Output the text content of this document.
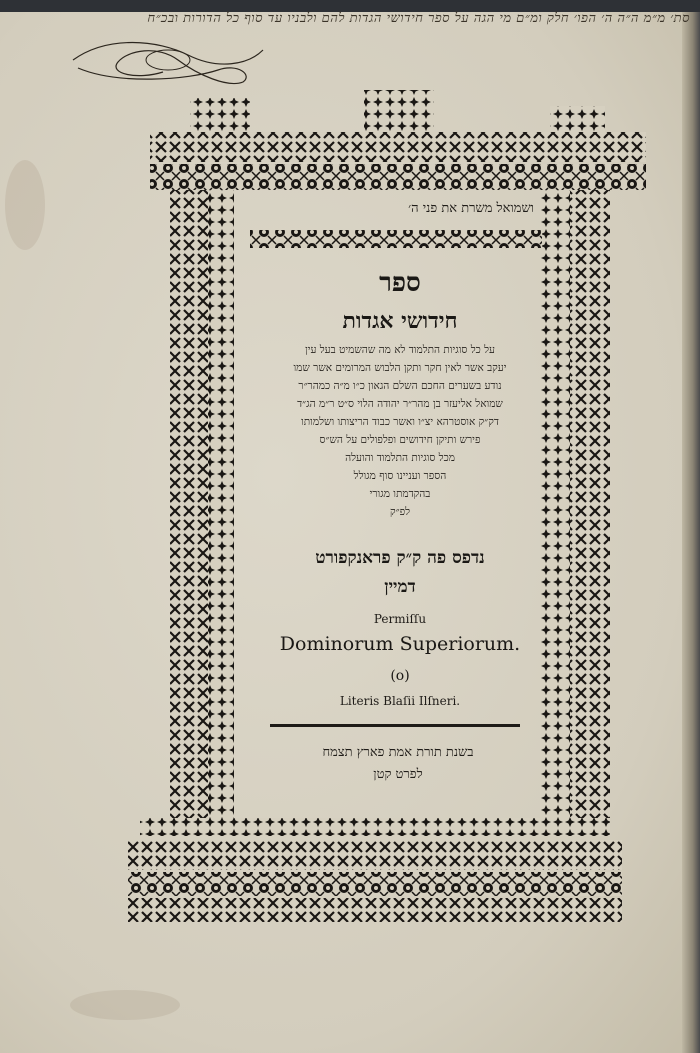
סת׳ מ״מ ה״ה ה׳ הפו׳ חלק ומ״ם מי הגה על ספר חידושי הגדות להם ולבניו עד סוף כל הדורות ובכ״ח
ושמואל משרת את פני ה׳
ספר
חידושי אגדות
על כל סוגיות התלמוד לא מה שהשמיט בעל עין
יעקב אשר לאין חקר ותקן הלבוש המרומים אשר שמו
נודע בשערים החכם השלם הגאון כ״ו מ״ה כמהר״ר
שמואל אליעזר בן מהר״ר יהודה הלוי ס״ט ר״מ הג״ד
דק״ק אוסטרהא יצ״ו ואשר כבוד הריצותו ושלמותו
פירש ותיקן חידושים ופלפולים על הש״ס
מכל סוגיות התלמוד והועלה
הספר ועניינו סוף מגולל
בהקדמתו מגורי
לפ״ק
נדפס פה ק״ק פראנקפורט
דמיין
Permiſſu
Dominorum Superiorum.
(o)
Literis Blaſii Ilſneri.
בשנת תורת אמת פארץ תצמח
לפרט קטן
